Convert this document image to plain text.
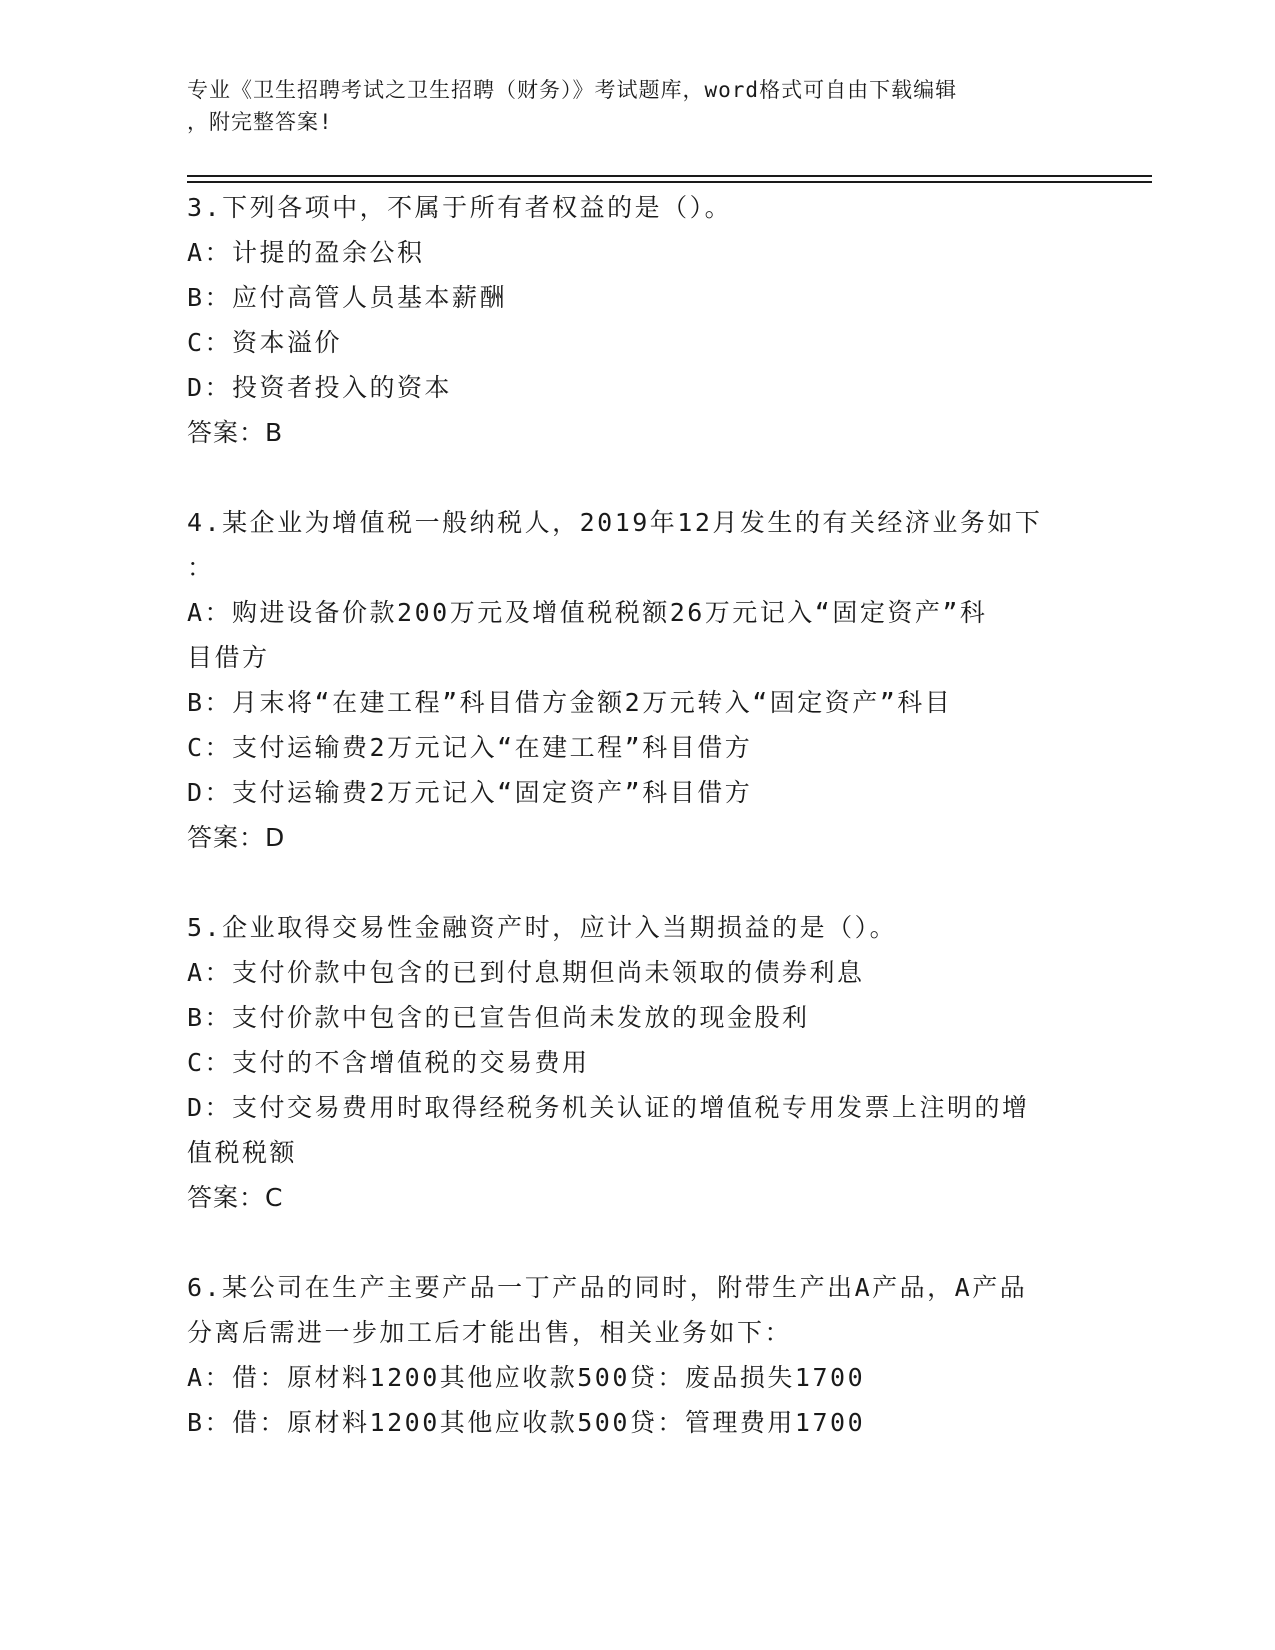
专业《卫生招聘考试之卫生招聘（财务）》考试题库，word格式可自由下载编辑
，附完整答案!
3.下列各项中，不属于所有者权益的是（）。
A：计提的盈余公积
B：应付高管人员基本薪酬
C：资本溢价
D：投资者投入的资本
答案：B
4.某企业为增值税一般纳税人，2019年12月发生的有关经济业务如下
：
A：购进设备价款200万元及增值税税额26万元记入“固定资产”科
目借方
B：月末将“在建工程”科目借方金额2万元转入“固定资产”科目
C：支付运输费2万元记入“在建工程”科目借方
D：支付运输费2万元记入“固定资产”科目借方
答案：D
5.企业取得交易性金融资产时，应计入当期损益的是（）。
A：支付价款中包含的已到付息期但尚未领取的债券利息
B：支付价款中包含的已宣告但尚未发放的现金股利
C：支付的不含增值税的交易费用
D：支付交易费用时取得经税务机关认证的增值税专用发票上注明的增
值税税额
答案：C
6.某公司在生产主要产品一丁产品的同时，附带生产出A产品，A产品
分离后需进一步加工后才能出售，相关业务如下：
A：借：原材料1200其他应收款500贷：废品损失1700
B：借：原材料1200其他应收款500贷：管理费用1700
